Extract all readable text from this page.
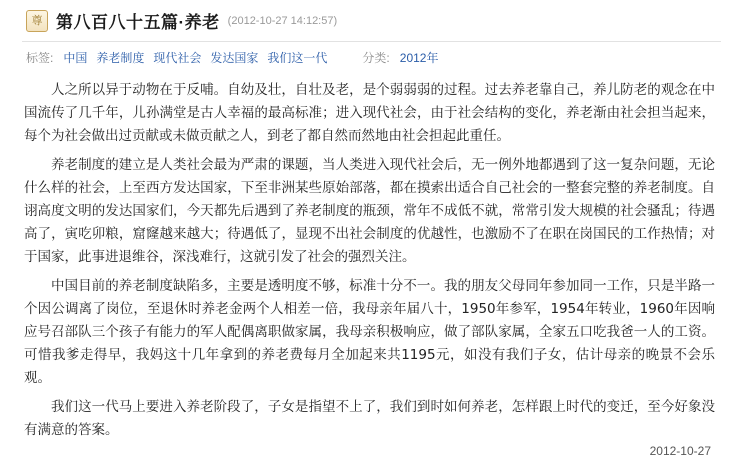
尊 第八百八十五篇·养老 (2012-10-27 14:12:57)
标签: 中国 养老制度 现代社会 发达国家 我们这一代	分类: 2012年

人之所以异于动物在于反哺。自幼及壮，自壮及老，是个弱弱弱的过程。过去养老靠自己，养儿防老的观念在中国流传了几千年，儿孙满堂是古人幸福的最高标准；进入现代社会，由于社会结构的变化，养老渐由社会担当起来，每个为社会做出过贡献或未做贡献之人，到老了都自然而然地由社会担起此重任。

养老制度的建立是人类社会最为严肃的课题，当人类进入现代社会后，无一例外地都遇到了这一复杂问题，无论什么样的社会，上至西方发达国家，下至非洲某些原始部落，都在摸索出适合自己社会的一整套完整的养老制度。自诩高度文明的发达国家们，今天都先后遇到了养老制度的瓶颈，常年不成低不就，常常引发大规模的社会骚乱；待遇高了，寅吃卯粮，窟窿越来越大；待遇低了，显现不出社会制度的优越性，也激励不了在职在岗国民的工作热情；对于国家，此事进退维谷，深浅难行，这就引发了社会的强烈关注。

中国目前的养老制度缺陷多，主要是透明度不够，标准十分不一。我的朋友父母同年参加同一工作，只是半路一个因公调离了岗位，至退休时养老金两个人相差一倍，我母亲年届八十，1950年参军，1954年转业，1960年因响应号召部队三个孩子有能力的军人配偶离职做家属，我母亲积极响应，做了部队家属，全家五口吃我爸一人的工资。可惜我爹走得早，我妈这十几年拿到的养老费每月全加起来共1195元，如没有我们子女，估计母亲的晚景不会乐观。

我们这一代马上要进入养老阶段了，子女是指望不上了，我们到时如何养老，怎样跟上时代的变迁，至今好象没有满意的答案。

2012-10-27
